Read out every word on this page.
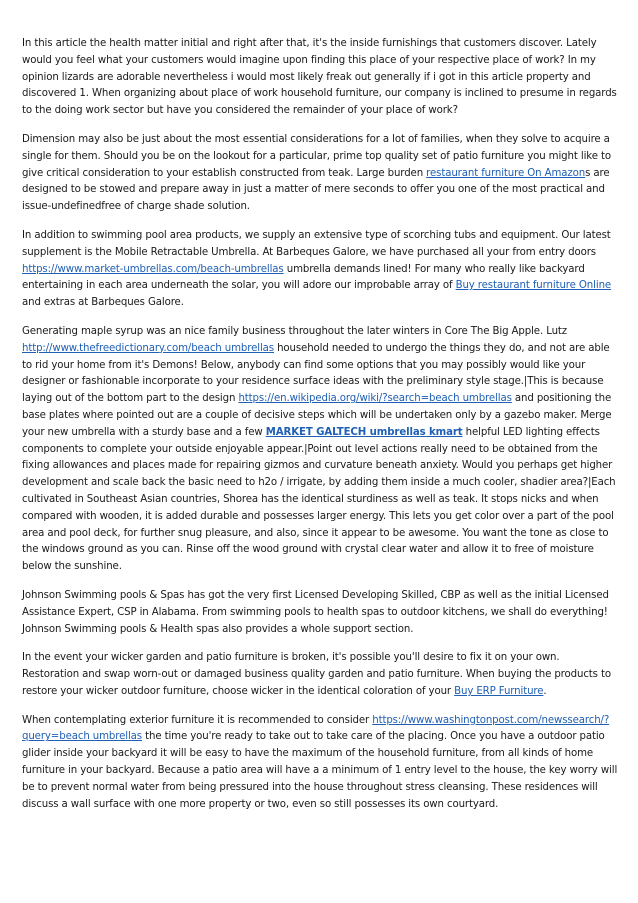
In this article the health matter initial and right after that, it's the inside furnishings that customers discover. Lately would you feel what your customers would imagine upon finding this place of your respective place of work? In my opinion lizards are adorable nevertheless i would most likely freak out generally if i got in this article property and discovered 1. When organizing about place of work household furniture, our company is inclined to presume in regards to the doing work sector but have you considered the remainder of your place of work?

Dimension may also be just about the most essential considerations for a lot of families, when they solve to acquire a single for them. Should you be on the lookout for a particular, prime top quality set of patio furniture you might like to give critical consideration to your establish constructed from teak. Large burden restaurant furniture On Amazons are designed to be stowed and prepare away in just a matter of mere seconds to offer you one of the most practical and issue-undefinedfree of charge shade solution.

In addition to swimming pool area products, we supply an extensive type of scorching tubs and equipment. Our latest supplement is the Mobile Retractable Umbrella. At Barbeques Galore, we have purchased all your from entry doors https://www.market-umbrellas.com/beach-umbrellas umbrella demands lined! For many who really like backyard entertaining in each area underneath the solar, you will adore our improbable array of Buy restaurant furniture Online and extras at Barbeques Galore.

Generating maple syrup was an nice family business throughout the later winters in Core The Big Apple. Lutz http://www.thefreedictionary.com/beach umbrellas household needed to undergo the things they do, and not are able to rid your home from it's Demons! Below, anybody can find some options that you may possibly would like your designer or fashionable incorporate to your residence surface ideas with the preliminary style stage.|This is because laying out of the bottom part to the design https://en.wikipedia.org/wiki/?search=beach umbrellas and positioning the base plates where pointed out are a couple of decisive steps which will be undertaken only by a gazebo maker. Merge your new umbrella with a sturdy base and a few MARKET GALTECH umbrellas kmart helpful LED lighting effects components to complete your outside enjoyable appear.|Point out level actions really need to be obtained from the fixing allowances and places made for repairing gizmos and curvature beneath anxiety. Would you perhaps get higher development and scale back the basic need to h2o / irrigate, by adding them inside a much cooler, shadier area?|Each cultivated in Southeast Asian countries, Shorea has the identical sturdiness as well as teak. It stops nicks and when compared with wooden, it is added durable and possesses larger energy. This lets you get color over a part of the pool area and pool deck, for further snug pleasure, and also, since it appear to be awesome. You want the tone as close to the windows ground as you can. Rinse off the wood ground with crystal clear water and allow it to free of moisture below the sunshine.

Johnson Swimming pools & Spas has got the very first Licensed Developing Skilled, CBP as well as the initial Licensed Assistance Expert, CSP in Alabama. From swimming pools to health spas to outdoor kitchens, we shall do everything! Johnson Swimming pools & Health spas also provides a whole support section.

In the event your wicker garden and patio furniture is broken, it's possible you'll desire to fix it on your own. Restoration and swap worn-out or damaged business quality garden and patio furniture. When buying the products to restore your wicker outdoor furniture, choose wicker in the identical coloration of your Buy ERP Furniture.

When contemplating exterior furniture it is recommended to consider https://www.washingtonpost.com/newssearch/?query=beach umbrellas the time you're ready to take out to take care of the placing. Once you have a outdoor patio glider inside your backyard it will be easy to have the maximum of the household furniture, from all kinds of home furniture in your backyard. Because a patio area will have a a minimum of 1 entry level to the house, the key worry will be to prevent normal water from being pressured into the house throughout stress cleansing. These residences will discuss a wall surface with one more property or two, even so still possesses its own courtyard.
